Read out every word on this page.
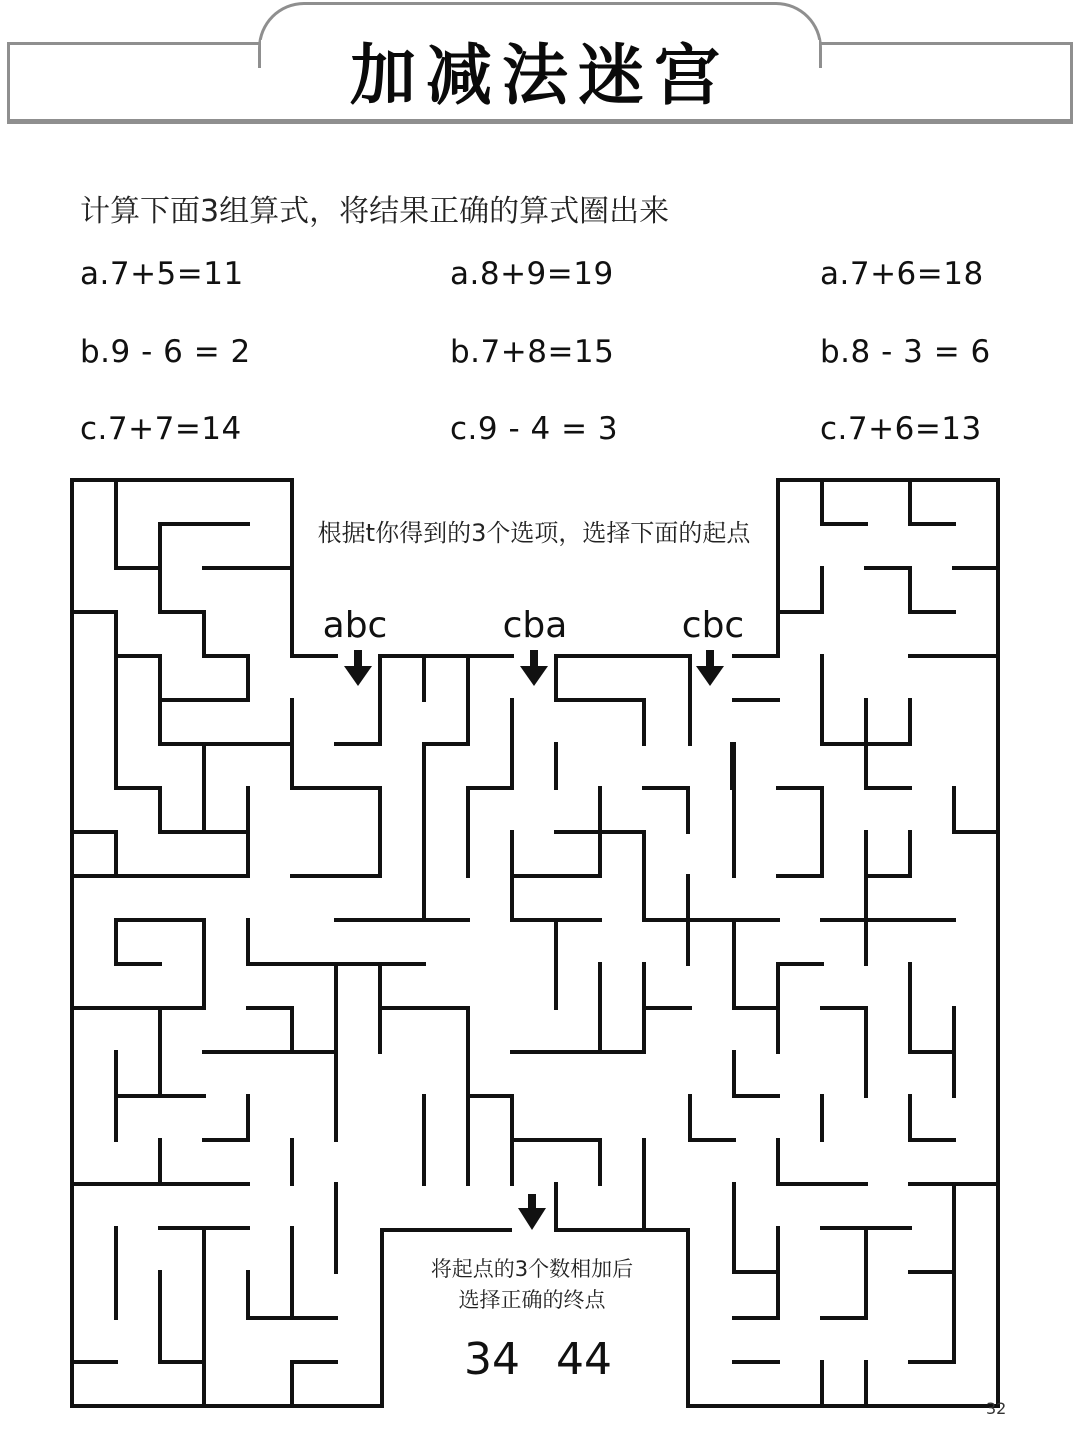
加减法迷宫
计算下面3组算式，将结果正确的算式圈出来
a.7+5=11
b.9 - 6 = 2
c.7+7=14
a.8+9=19
b.7+8=15
c.9 - 4 = 3
a.7+6=18
b.8 - 3 = 6
c.7+6=13
根据t你得到的3个选项，选择下面的起点
abc	cba	cbc
将起点的3个数相加后
选择正确的终点
34 44
32
